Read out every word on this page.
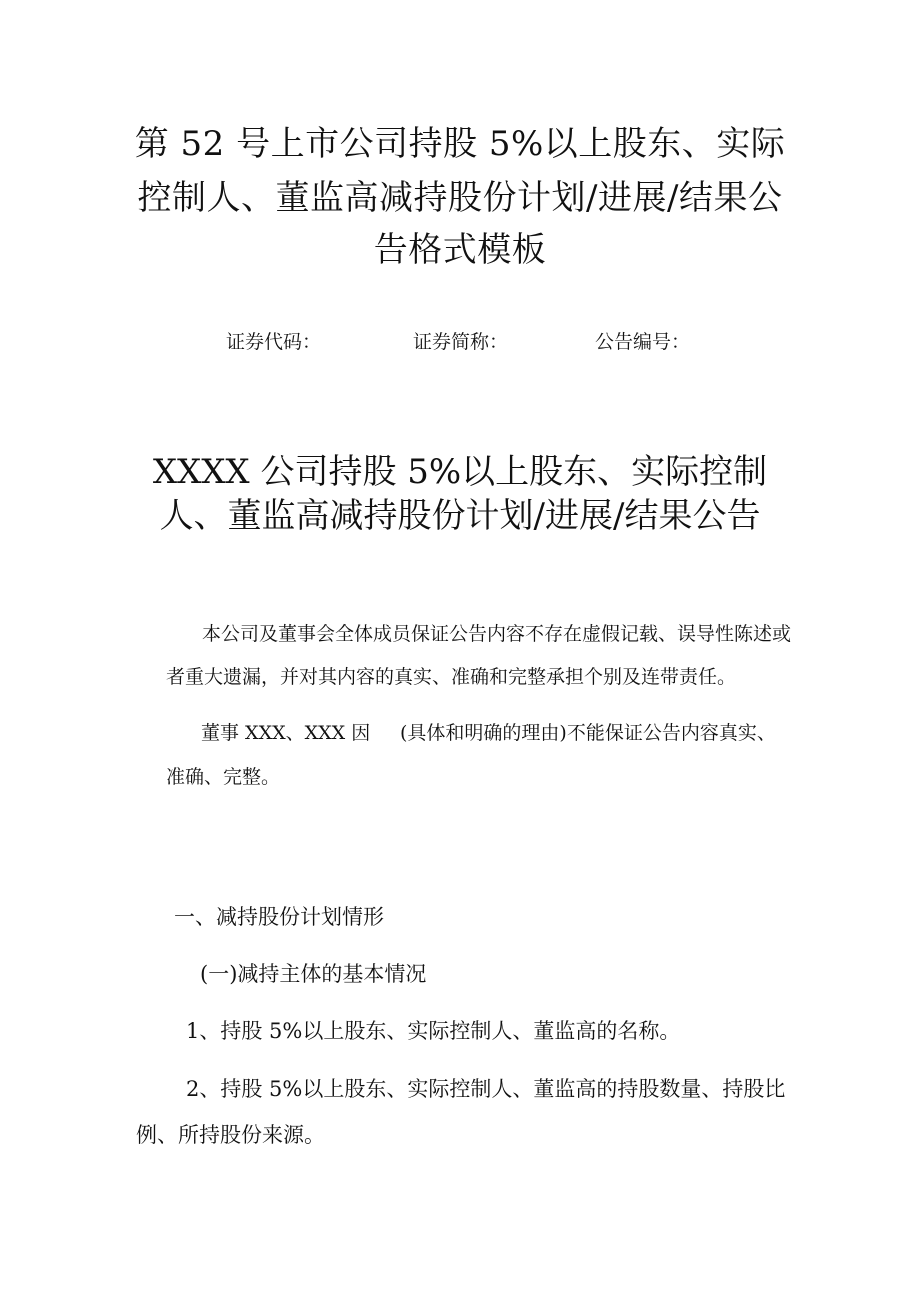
第 52 号上市公司持股 5%以上股东、实际
控制人、董监高减持股份计划/进展/结果公
告格式模板
证券代码：	证券简称：	公告编号：
XXXX 公司持股 5%以上股东、实际控制
人、董监高减持股份计划/进展/结果公告
本公司及董事会全体成员保证公告内容不存在虚假记载、误导性陈述或
者重大遗漏，并对其内容的真实、准确和完整承担个别及连带责任。
董事 XXX、XXX 因 (具体和明确的理由)不能保证公告内容真实、
准确、完整。
一、减持股份计划情形
(一)减持主体的基本情况
1、持股 5%以上股东、实际控制人、董监高的名称。
2、持股 5%以上股东、实际控制人、董监高的持股数量、持股比
例、所持股份来源。
